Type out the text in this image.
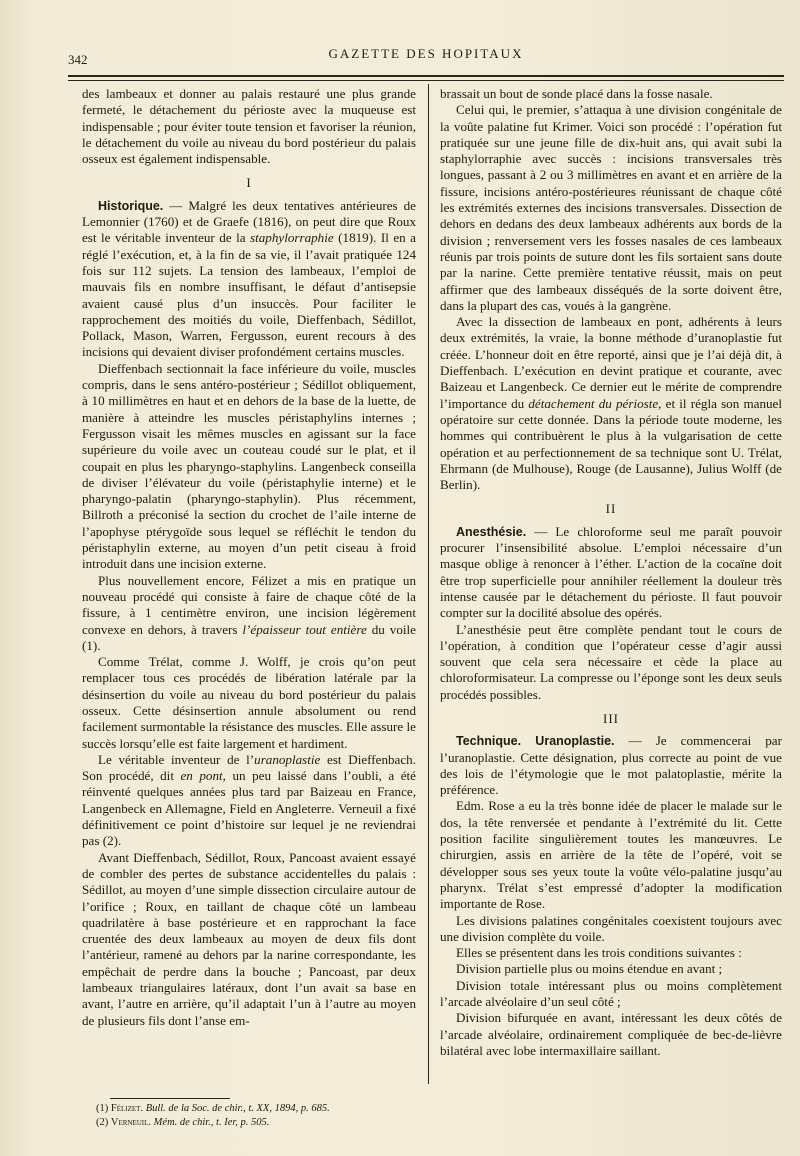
342	GAZETTE DES HOPITAUX

des lambeaux et donner au palais restauré une plus grande fermeté, le détachement du périoste avec la muqueuse est indispensable ; pour éviter toute tension et favoriser la réunion, le détachement du voile au niveau du bord postérieur du palais osseux est également indispensable.

I

Historique. — Malgré les deux tentatives antérieures de Lemonnier (1760) et de Graefe (1816), on peut dire que Roux est le véritable inventeur de la staphylorraphie (1819). Il en a réglé l’exécution, et, à la fin de sa vie, il l’avait pratiquée 124 fois sur 112 sujets. La tension des lambeaux, l’emploi de mauvais fils en nombre insuffisant, le défaut d’antisepsie avaient causé plus d’un insuccès. Pour faciliter le rapprochement des moitiés du voile, Dieffenbach, Sédillot, Pollack, Mason, Warren, Fergusson, eurent recours à des incisions qui devaient diviser profondément certains muscles.

Dieffenbach sectionnait la face inférieure du voile, muscles compris, dans le sens antéro-postérieur ; Sédillot obliquement, à 10 millimètres en haut et en dehors de la base de la luette, de manière à atteindre les muscles péristaphylins internes ; Fergusson visait les mêmes muscles en agissant sur la face supérieure du voile avec un couteau coudé sur le plat, et il coupait en plus les pharyngo-staphylins. Langenbeck conseilla de diviser l’élévateur du voile (péristaphylie interne) et le pharyngo-palatin (pharyngo-staphylin). Plus récemment, Billroth a préconisé la section du crochet de l’aile interne de l’apophyse ptérygoïde sous lequel se réfléchit le tendon du péristaphylin externe, au moyen d’un petit ciseau à froid introduit dans une incision externe.

Plus nouvellement encore, Félizet a mis en pratique un nouveau procédé qui consiste à faire de chaque côté de la fissure, à 1 centimètre environ, une incision légèrement convexe en dehors, à travers l’épaisseur tout entière du voile (1).

Comme Trélat, comme J. Wolff, je crois qu’on peut remplacer tous ces procédés de libération latérale par la désinsertion du voile au niveau du bord postérieur du palais osseux. Cette désinsertion annule absolument ou rend facilement surmontable la résistance des muscles. Elle assure le succès lorsqu’elle est faite largement et hardiment.

Le véritable inventeur de l’uranoplastie est Dieffenbach. Son procédé, dit en pont, un peu laissé dans l’oubli, a été réinventé quelques années plus tard par Baizeau en France, Langenbeck en Allemagne, Field en Angleterre. Verneuil a fixé définitivement ce point d’histoire sur lequel je ne reviendrai pas (2).

Avant Dieffenbach, Sédillot, Roux, Pancoast avaient essayé de combler des pertes de substance accidentelles du palais : Sédillot, au moyen d’une simple dissection circulaire autour de l’orifice ; Roux, en taillant de chaque côté un lambeau quadrilatère à base postérieure et en rapprochant la face cruentée des deux lambeaux au moyen de deux fils dont l’antérieur, ramené au dehors par la narine correspondante, les empêchait de perdre dans la bouche ; Pancoast, par deux lambeaux triangulaires latéraux, dont l’un avait sa base en avant, l’autre en arrière, qu’il adaptait l’un à l’autre au moyen de plusieurs fils dont l’anse em-

brassait un bout de sonde placé dans la fosse nasale.

Celui qui, le premier, s’attaqua à une division congénitale de la voûte palatine fut Krimer. Voici son procédé : l’opération fut pratiquée sur une jeune fille de dix-huit ans, qui avait subi la staphylorraphie avec succès : incisions transversales très longues, passant à 2 ou 3 millimètres en avant et en arrière de la fissure, incisions antéro-postérieures réunissant de chaque côté les extrémités externes des incisions transversales. Dissection de dehors en dedans des deux lambeaux adhérents aux bords de la division ; renversement vers les fosses nasales de ces lambeaux réunis par trois points de suture dont les fils sortaient sans doute par la narine. Cette première tentative réussit, mais on peut affirmer que des lambeaux disséqués de la sorte doivent être, dans la plupart des cas, voués à la gangrène.

Avec la dissection de lambeaux en pont, adhérents à leurs deux extrémités, la vraie, la bonne méthode d’uranoplastie fut créée. L’honneur doit en être reporté, ainsi que je l’ai déjà dit, à Dieffenbach. L’exécution en devint pratique et courante, avec Baizeau et Langenbeck. Ce dernier eut le mérite de comprendre l’importance du détachement du périoste, et il régla son manuel opératoire sur cette donnée. Dans la période toute moderne, les hommes qui contribuèrent le plus à la vulgarisation de cette opération et au perfectionnement de sa technique sont U. Trélat, Ehrmann (de Mulhouse), Rouge (de Lausanne), Julius Wolff (de Berlin).

II

Anesthésie. — Le chloroforme seul me paraît pouvoir procurer l’insensibilité absolue. L’emploi nécessaire d’un masque oblige à renoncer à l’éther. L’action de la cocaïne doit être trop superficielle pour annihiler réellement la douleur très intense causée par le détachement du périoste. Il faut pouvoir compter sur la docilité absolue des opérés.

L’anesthésie peut être complète pendant tout le cours de l’opération, à condition que l’opérateur cesse d’agir aussi souvent que cela sera nécessaire et cède la place au chloroformisateur. La compresse ou l’éponge sont les deux seuls procédés possibles.

III

Technique. Uranoplastie. — Je commencerai par l’uranoplastie. Cette désignation, plus correcte au point de vue des lois de l’étymologie que le mot palatoplastie, mérite la préférence.

Edm. Rose a eu la très bonne idée de placer le malade sur le dos, la tête renversée et pendante à l’extrémité du lit. Cette position facilite singulièrement toutes les manœuvres. Le chirurgien, assis en arrière de la tête de l’opéré, voit se développer sous ses yeux toute la voûte vélo-palatine jusqu’au pharynx. Trélat s’est empressé d’adopter la modification importante de Rose.

Les divisions palatines congénitales coexistent toujours avec une division complète du voile.

Elles se présentent dans les trois conditions suivantes :

Division partielle plus ou moins étendue en avant ;

Division totale intéressant plus ou moins complètement l’arcade alvéolaire d’un seul côté ;

Division bifurquée en avant, intéressant les deux côtés de l’arcade alvéolaire, ordinairement compliquée de bec-de-lièvre bilatéral avec lobe intermaxillaire saillant.

(1) Félizet. Bull. de la Soc. de chir., t. XX, 1894, p. 685.
(2) Verneuil. Mém. de chir., t. Ier, p. 505.
